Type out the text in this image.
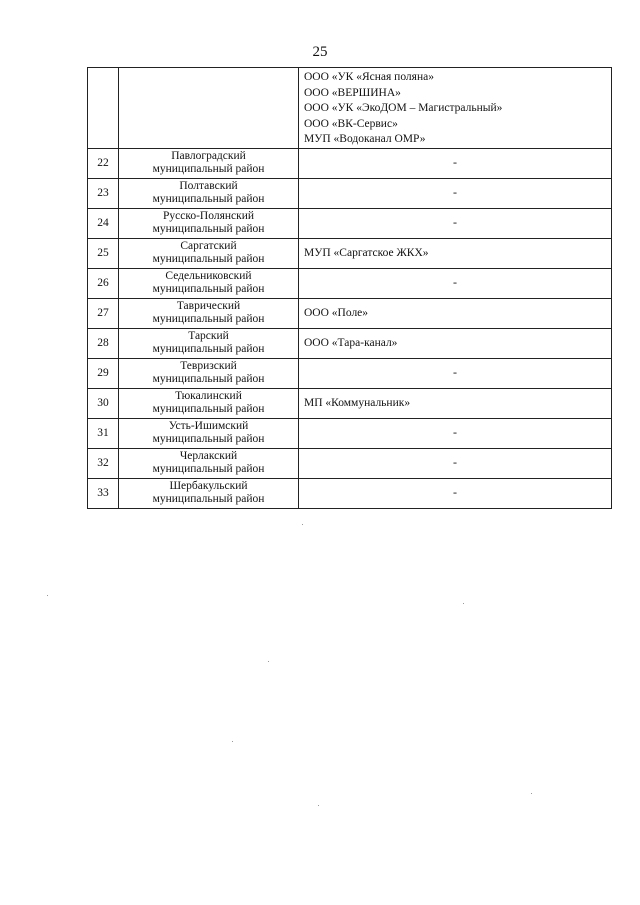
25

		ООО «УК «Ясная поляна»
ООО «ВЕРШИНА»
ООО «УК «ЭкоДОМ – Магистральный»
ООО «ВК-Сервис»
МУП «Водоканал ОМР»

22	Павлоградский
муниципальный район	-
23	Полтавский
муниципальный район	-
24	Русско-Полянский
муниципальный район	-
25	Саргатский
муниципальный район	МУП «Саргатское ЖКХ»
26	Седельниковский
муниципальный район	-
27	Таврический
муниципальный район	ООО «Поле»
28	Тарский
муниципальный район	ООО «Тара-канал»
29	Тевризский
муниципальный район	-
30	Тюкалинский
муниципальный район	МП «Коммунальник»
31	Усть-Ишимский
муниципальный район	-
32	Черлакский
муниципальный район	-
33	Шербакульский
муниципальный район	-
